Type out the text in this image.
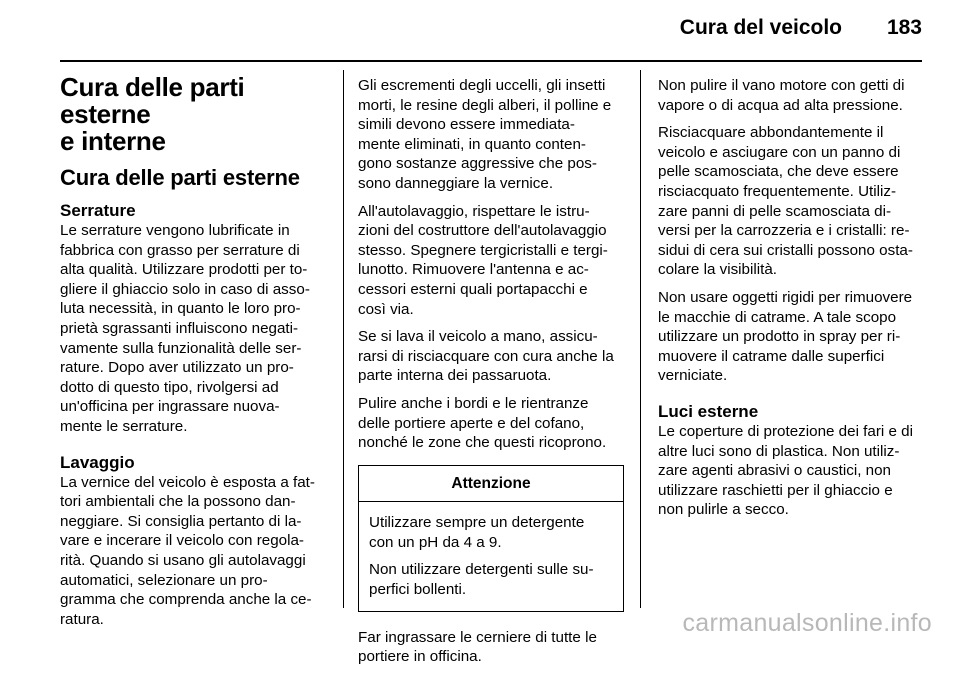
Cura del veicolo 183
Cura delle parti esterne
e interne
Cura delle parti esterne
Serrature

Le serrature vengono lubrificate in
fabbrica con grasso per serrature di
alta qualità. Utilizzare prodotti per to-
gliere il ghiaccio solo in caso di asso-
luta necessità, in quanto le loro pro-
prietà sgrassanti influiscono negati-
vamente sulla funzionalità delle ser-
rature. Dopo aver utilizzato un pro-
dotto di questo tipo, rivolgersi ad
un'officina per ingrassare nuova-
mente le serrature.

Lavaggio

La vernice del veicolo è esposta a fat-
tori ambientali che la possono dan-
neggiare. Si consiglia pertanto di la-
vare e incerare il veicolo con regola-
rità. Quando si usano gli autolavaggi
automatici, selezionare un pro-
gramma che comprenda anche la ce-
ratura.

Gli escrementi degli uccelli, gli insetti
morti, le resine degli alberi, il polline e
simili devono essere immediata-
mente eliminati, in quanto conten-
gono sostanze aggressive che pos-
sono danneggiare la vernice.

All'autolavaggio, rispettare le istru-
zioni del costruttore dell'autolavaggio
stesso. Spegnere tergicristalli e tergi-
lunotto. Rimuovere l'antenna e ac-
cessori esterni quali portapacchi e
così via.

Se si lava il veicolo a mano, assicu-
rarsi di risciacquare con cura anche la
parte interna dei passaruota.

Pulire anche i bordi e le rientranze
delle portiere aperte e del cofano,
nonché le zone che questi ricoprono.

Attenzione

Utilizzare sempre un detergente
con un pH da 4 a 9.

Non utilizzare detergenti sulle su-
perfici bollenti.

Far ingrassare le cerniere di tutte le
portiere in officina.

Non pulire il vano motore con getti di
vapore o di acqua ad alta pressione.

Risciacquare abbondantemente il
veicolo e asciugare con un panno di
pelle scamosciata, che deve essere
risciacquato frequentemente. Utiliz-
zare panni di pelle scamosciata di-
versi per la carrozzeria e i cristalli: re-
sidui di cera sui cristalli possono osta-
colare la visibilità.

Non usare oggetti rigidi per rimuovere
le macchie di catrame. A tale scopo
utilizzare un prodotto in spray per ri-
muovere il catrame dalle superfici
verniciate.

Luci esterne

Le coperture di protezione dei fari e di
altre luci sono di plastica. Non utiliz-
zare agenti abrasivi o caustici, non
utilizzare raschietti per il ghiaccio e
non pulirle a secco.

carmanualsonline.info
